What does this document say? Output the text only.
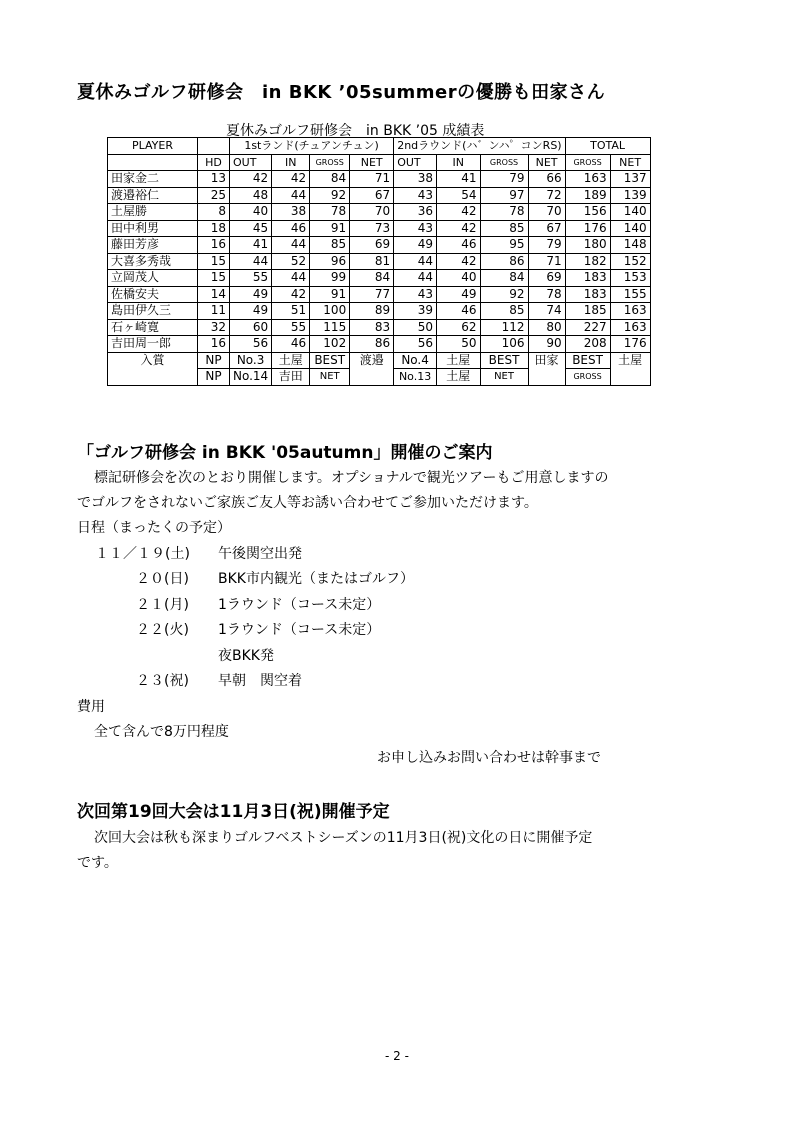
夏休みゴルフ研修会　in BKK ’05summerの優勝も田家さん
夏休みゴルフ研修会　in BKK ’05 成績表
PLAYER		1stランド(チュアンチュン)				2ndラウンド(ハ゛ンハ゜コンRS)				TOTAL	
	HD	OUT	IN	GROSS	NET	OUT	IN	GROSS	NET	GROSS	NET
田家金二	13	42	42	84	71	38	41	79	66	163	137
渡邉裕仁	25	48	44	92	67	43	54	97	72	189	139
土屋勝	8	40	38	78	70	36	42	78	70	156	140
田中利男	18	45	46	91	73	43	42	85	67	176	140
藤田芳彦	16	41	44	85	69	49	46	95	79	180	148
大喜多秀哉	15	44	52	96	81	44	42	86	71	182	152
立岡茂人	15	55	44	99	84	44	40	84	69	183	153
佐橋安夫	14	49	42	91	77	43	49	92	78	183	155
島田伊久三	11	49	51	100	89	39	46	85	74	185	163
石ヶ崎寛	32	60	55	115	83	50	62	112	80	227	163
吉田周一郎	16	56	46	102	86	56	50	106	90	208	176
入賞	NP	No.3	土屋	BEST	渡邉	No.4	土屋	BEST	田家	BEST	土屋
	NP	No.14	吉田	NET		No.13	土屋	NET		GROSS	
「ゴルフ研修会 in BKK '05autumn」開催のご案内
標記研修会を次のとおり開催します。オプショナルで観光ツアーもご用意しますの
でゴルフをされないご家族ご友人等お誘い合わせてご参加いただけます。
日程（まったくの予定）
１１／１９(土) 午後関空出発
２０(日) BKK市内観光（またはゴルフ）
２１(月) 1ラウンド（コース未定）
２２(火) 1ラウンド（コース未定）
夜BKK発
２３(祝) 早朝　関空着
費用
全て含んで8万円程度
お申し込みお問い合わせは幹事まで
次回第19回大会は11月3日(祝)開催予定
次回大会は秋も深まりゴルフベストシーズンの11月3日(祝)文化の日に開催予定
です。
- 2 -
